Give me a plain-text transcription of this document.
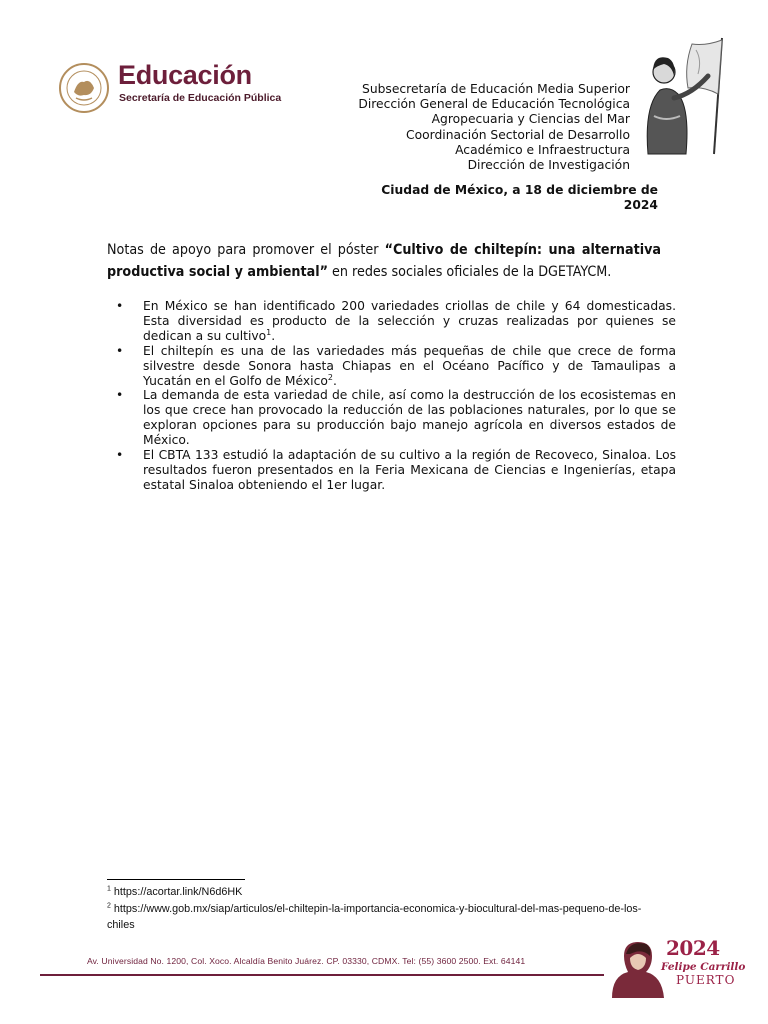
Educación
Secretaría de Educación Pública
Subsecretaría de Educación Media Superior
Dirección General de Educación Tecnológica
Agropecuaria y Ciencias del Mar
Coordinación Sectorial de Desarrollo
Académico e Infraestructura
Dirección de Investigación
Ciudad de México, a 18 de diciembre de
2024
Notas de apoyo para promover el póster “Cultivo de chiltepín: una alternativa productiva social y ambiental” en redes sociales oficiales de la DGETAYCM.
• En México se han identificado 200 variedades criollas de chile y 64 domesticadas. Esta diversidad es producto de la selección y cruzas realizadas por quienes se dedican a su cultivo$^1$.
• El chiltepín es una de las variedades más pequeñas de chile que crece de forma silvestre desde Sonora hasta Chiapas en el Océano Pacífico y de Tamaulipas a Yucatán en el Golfo de México$^2$.
• La demanda de esta variedad de chile, así como la destrucción de los ecosistemas en los que crece han provocado la reducción de las poblaciones naturales, por lo que se exploran opciones para su producción bajo manejo agrícola en diversos estados de México.
• El CBTA 133 estudió la adaptación de su cultivo a la región de Recoveco, Sinaloa. Los resultados fueron presentados en la Feria Mexicana de Ciencias e Ingenierías, etapa estatal Sinaloa obteniendo el 1er lugar.
$^1$ https://acortar.link/N6d6HK
$^2$ https://www.gob.mx/siap/articulos/el-chiltepin-la-importancia-economica-y-biocultural-del-mas-pequeno-de-los-chiles
Av. Universidad No. 1200, Col. Xoco. Alcaldía Benito Juárez. CP. 03330, CDMX. Tel: (55) 3600 2500. Ext. 64141
2024
Felipe Carrillo
PUERTO
